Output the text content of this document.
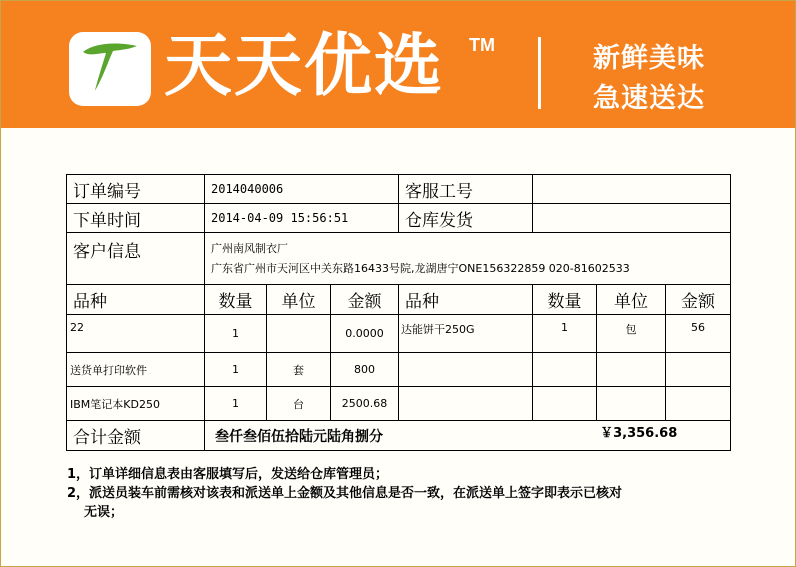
天天优选 TM	新鲜美味
急速送达
订单编号	2014040006			客服工号			
下单时间	2014-04-09 15:56:51			仓库发货			
客户信息	广州南风制衣厂
广东省广州市天河区中关东路16433号院,龙湖唐宁ONE156322859 020-81602533						

品种	数量	单位	金额	品种	数量	单位	金额
22	1		0.0000	达能饼干250G	1	包	56
送货单打印软件	1	套	800				
IBM笔记本KD250	1	台	2500.68				
合计金额	叁仟叁佰伍拾陆元陆角捌分 $^{￥3,356.68}$
1，订单详细信息表由客服填写后，发送给仓库管理员；
2，派送员装车前需核对该表和派送单上金额及其他信息是否一致，在派送单上签字即表示已核对
无误；
